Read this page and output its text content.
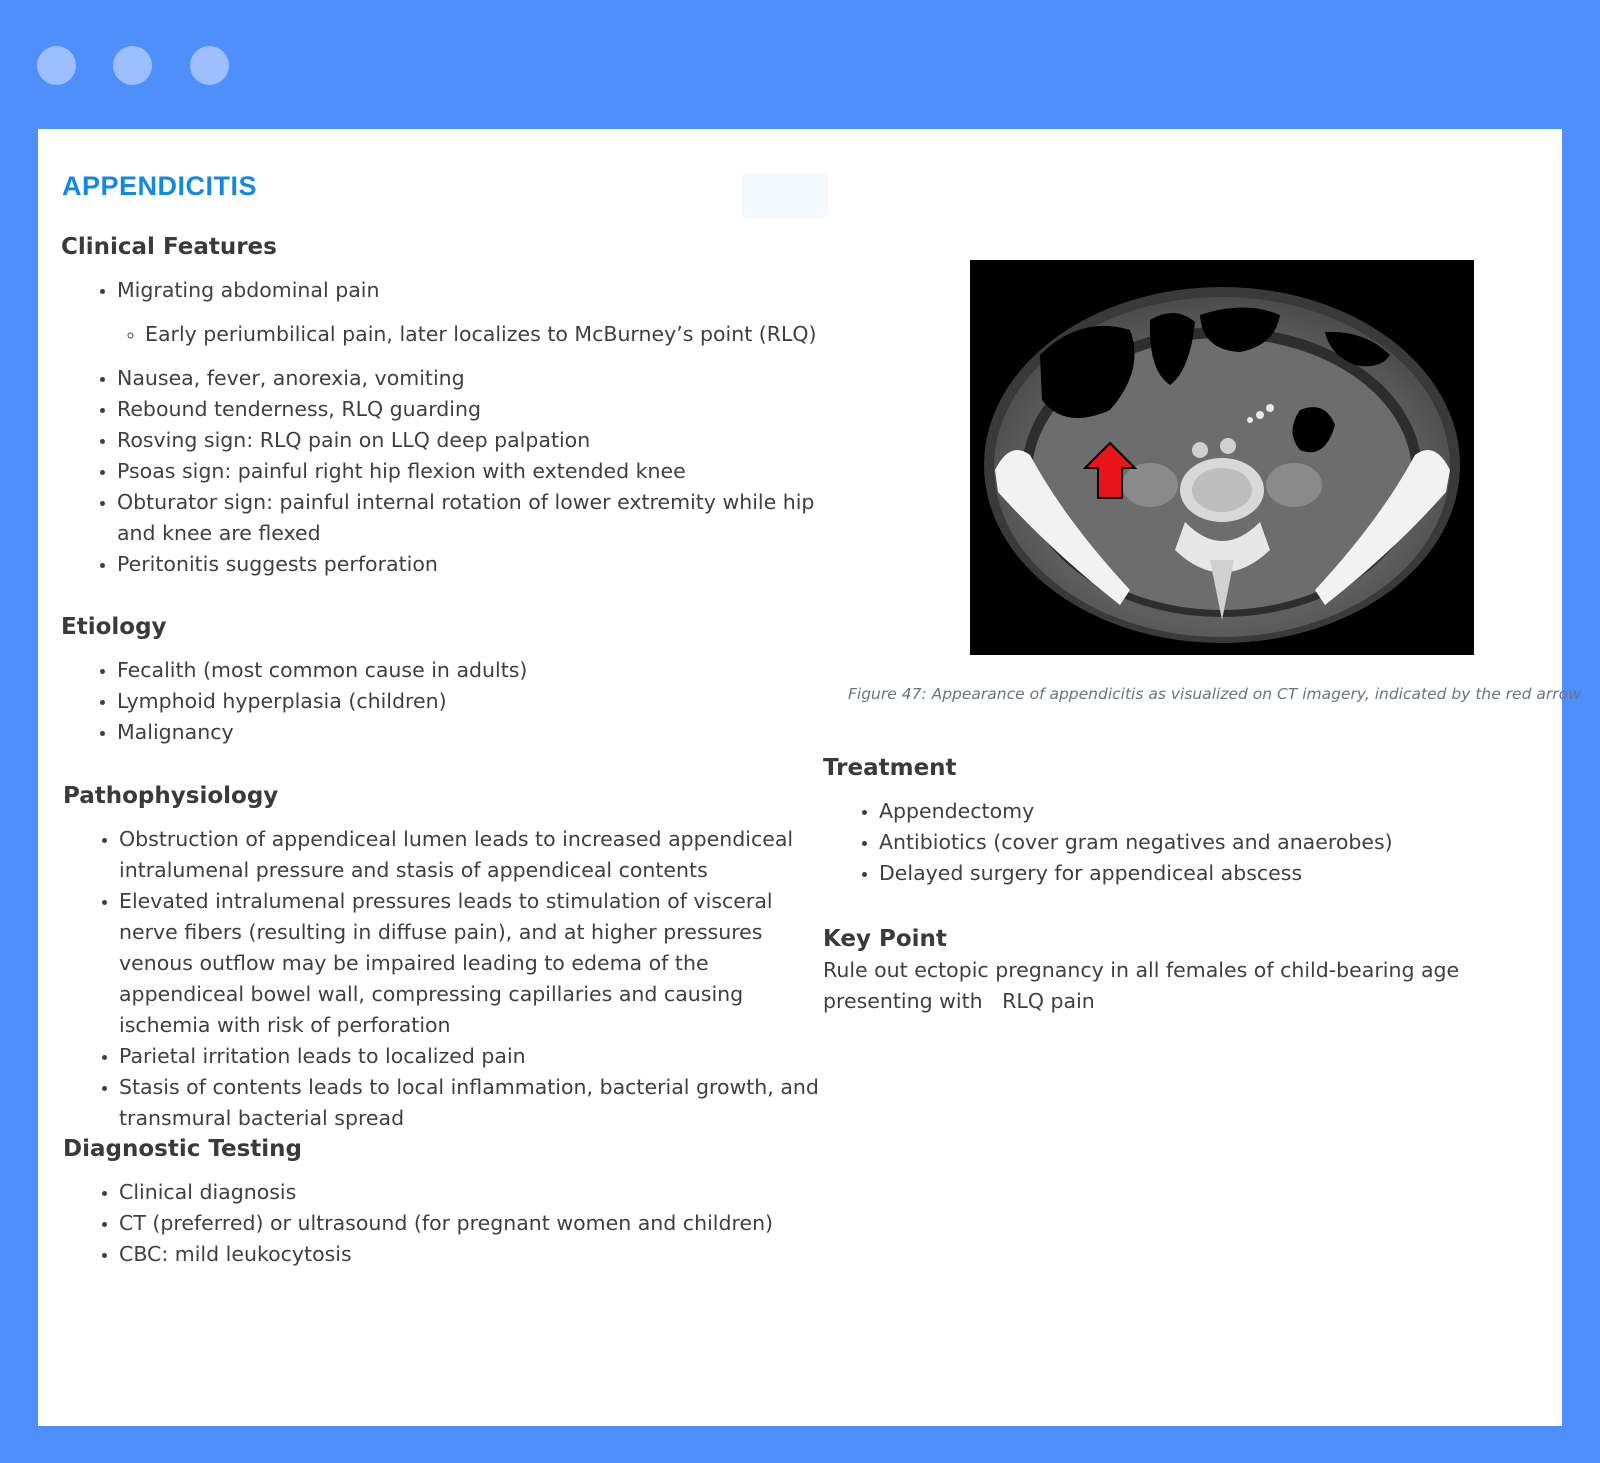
APPENDICITIS	EDIT
Clinical Features
• Migrating abdominal pain
◦ Early periumbilical pain, later localizes to McBurney’s point (RLQ)
• Nausea, fever, anorexia, vomiting
• Rebound tenderness, RLQ guarding
• Rosving sign: RLQ pain on LLQ deep palpation
• Psoas sign: painful right hip flexion with extended knee
• Obturator sign: painful internal rotation of lower extremity while hip and knee are flexed
• Peritonitis suggests perforation
Etiology
• Fecalith (most common cause in adults)
• Lymphoid hyperplasia (children)
• Malignancy
Pathophysiology
• Obstruction of appendiceal lumen leads to increased appendiceal intralumenal pressure and stasis of appendiceal contents
• Elevated intralumenal pressures leads to stimulation of visceral nerve fibers (resulting in diffuse pain), and at higher pressures venous outflow may be impaired leading to edema of the appendiceal bowel wall, compressing capillaries and causing ischemia with risk of perforation
• Parietal irritation leads to localized pain
• Stasis of contents leads to local inflammation, bacterial growth, and transmural bacterial spread
Diagnostic Testing
• Clinical diagnosis
• CT (preferred) or ultrasound (for pregnant women and children)
• CBC: mild leukocytosis
Figure 47: Appearance of appendicitis as visualized on CT imagery, indicated by the red arrow
Treatment
• Appendectomy
• Antibiotics (cover gram negatives and anaerobes)
• Delayed surgery for appendiceal abscess
Key Point

Rule out ectopic pregnancy in all females of child-bearing age presenting with   RLQ pain
